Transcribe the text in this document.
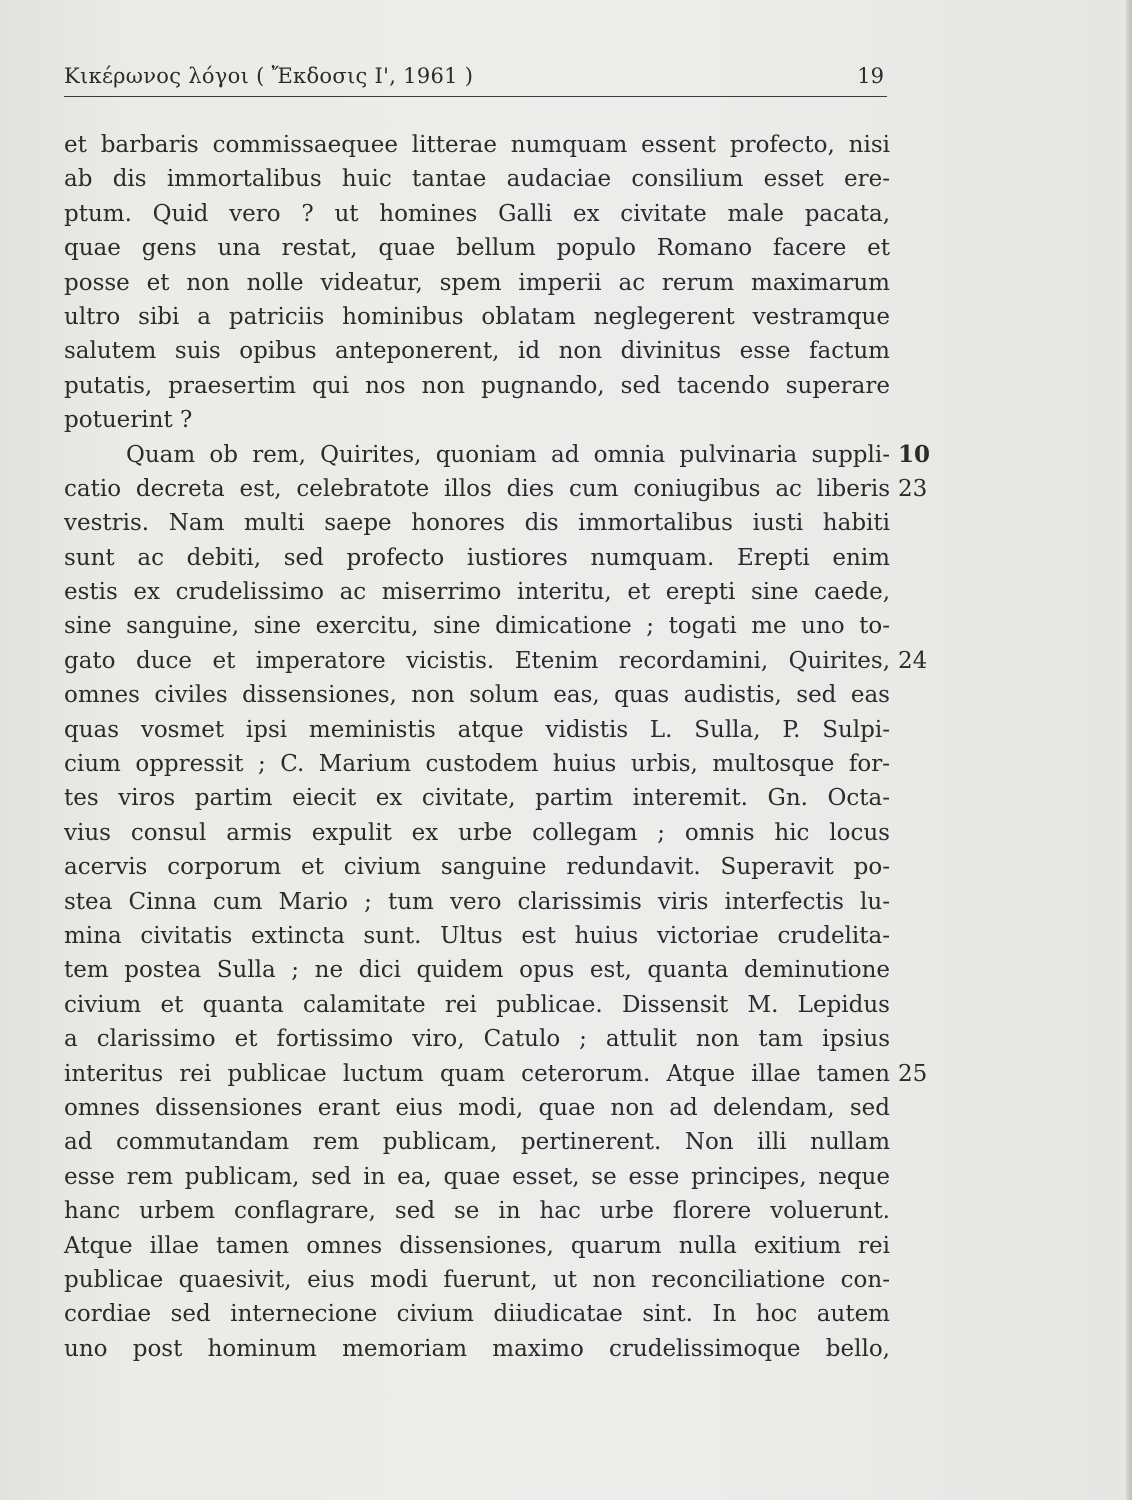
Κικέρωνος λόγοι ( Ἔκδοσις Ι', 1961 )	19
et barbaris commissaequee litterae numquam essent profecto, nisi
ab dis immortalibus huic tantae audaciae consilium esset ere-
ptum. Quid vero ? ut homines Galli ex civitate male pacata,
quae gens una restat, quae bellum populo Romano facere et
posse et non nolle videatur, spem imperii ac rerum maximarum
ultro sibi a patriciis hominibus oblatam neglegerent vestramque
salutem suis opibus anteponerent, id non divinitus esse factum
putatis, praesertim qui nos non pugnando, sed tacendo superare
potuerint ?
Quam ob rem, Quirites, quoniam ad omnia pulvinaria suppli-
catio decreta est, celebratote illos dies cum coniugibus ac liberis
vestris. Nam multi saepe honores dis immortalibus iusti habiti
sunt ac debiti, sed profecto iustiores numquam. Erepti enim
estis ex crudelissimo ac miserrimo interitu, et erepti sine caede,
sine sanguine, sine exercitu, sine dimicatione ; togati me uno to-
gato duce et imperatore vicistis. Etenim recordamini, Quirites,
omnes civiles dissensiones, non solum eas, quas audistis, sed eas
quas vosmet ipsi meministis atque vidistis L. Sulla, P. Sulpi-
cium oppressit ; C. Marium custodem huius urbis, multosque for-
tes viros partim eiecit ex civitate, partim interemit. Gn. Octa-
vius consul armis expulit ex urbe collegam ; omnis hic locus
acervis corporum et civium sanguine redundavit. Superavit po-
stea Cinna cum Mario ; tum vero clarissimis viris interfectis lu-
mina civitatis extincta sunt. Ultus est huius victoriae crudelita-
tem postea Sulla ; ne dici quidem opus est, quanta deminutione
civium et quanta calamitate rei publicae. Dissensit M. Lepidus
a clarissimo et fortissimo viro, Catulo ; attulit non tam ipsius
interitus rei publicae luctum quam ceterorum. Atque illae tamen
omnes dissensiones erant eius modi, quae non ad delendam, sed
ad commutandam rem publicam, pertinerent. Non illi nullam
esse rem publicam, sed in ea, quae esset, se esse principes, neque
hanc urbem conflagrare, sed se in hac urbe florere voluerunt.
Atque illae tamen omnes dissensiones, quarum nulla exitium rei
publicae quaesivit, eius modi fuerunt, ut non reconciliatione con-
cordiae sed internecione civium diiudicatae sint. In hoc autem
uno post hominum memoriam maximo crudelissimoque bello,
10
23
24
25
